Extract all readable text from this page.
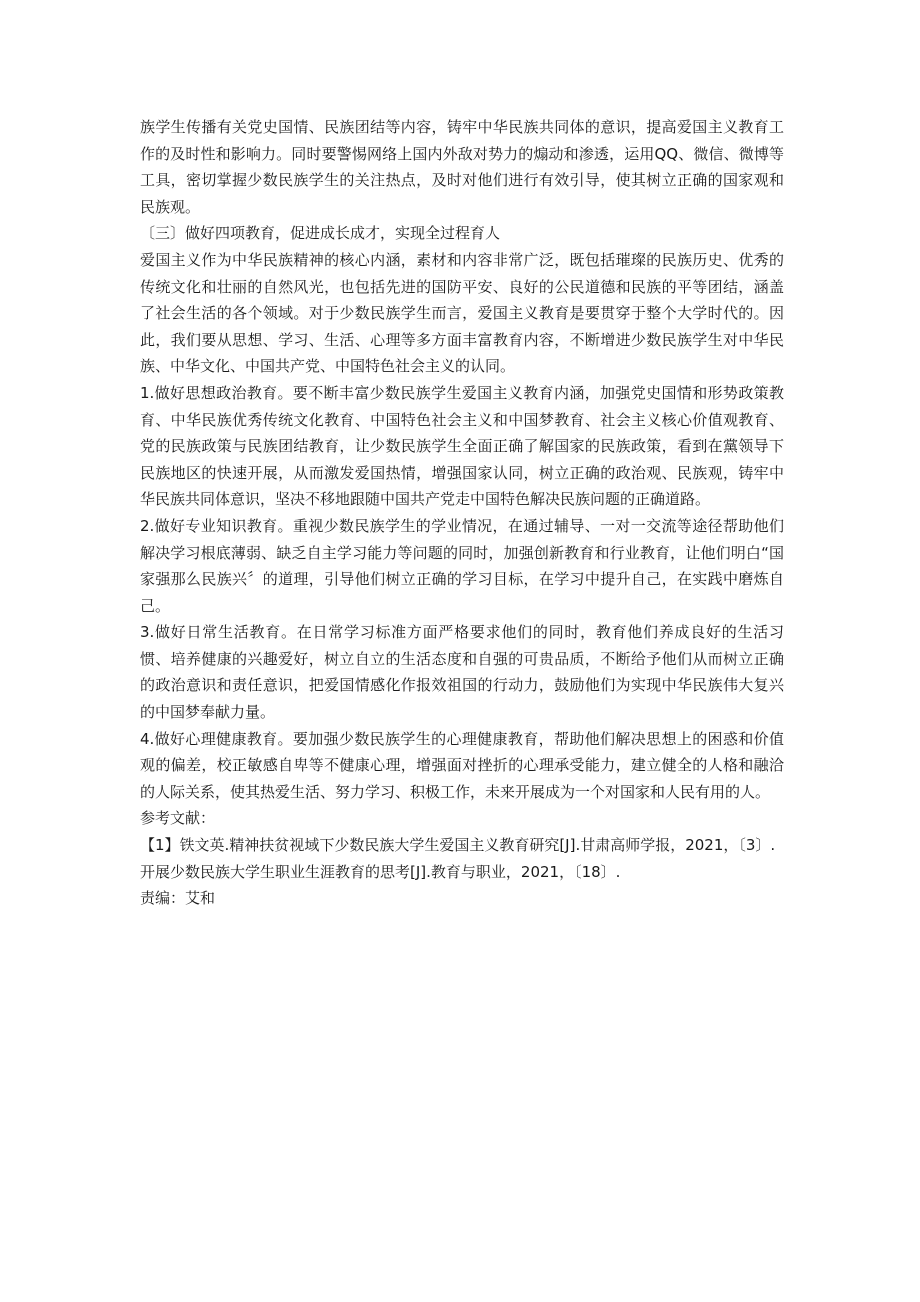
族学生传播有关党史国情、民族团结等内容，铸牢中华民族共同体的意识，提高爱国主义教育工作的及时性和影响力。同时要警惕网络上国内外敌对势力的煽动和渗透，运用QQ、微信、微博等工具，密切掌握少数民族学生的关注热点，及时对他们进行有效引导，使其树立正确的国家观和民族观。

〔三〕做好四项教育，促进成长成才，实现全过程育人

爱国主义作为中华民族精神的核心内涵，素材和内容非常广泛，既包括璀璨的民族历史、优秀的传统文化和壮丽的自然风光，也包括先进的国防平安、良好的公民道德和民族的平等团结，涵盖了社会生活的各个领域。对于少数民族学生而言，爱国主义教育是要贯穿于整个大学时代的。因此，我们要从思想、学习、生活、心理等多方面丰富教育内容，不断增进少数民族学生对中华民族、中华文化、中国共产党、中国特色社会主义的认同。

1.做好思想政治教育。要不断丰富少数民族学生爱国主义教育内涵，加强党史国情和形势政策教育、中华民族优秀传统文化教育、中国特色社会主义和中国梦教育、社会主义核心价值观教育、党的民族政策与民族团结教育，让少数民族学生全面正确了解国家的民族政策，看到在黨领导下民族地区的快速开展，从而激发爱国热情，增强国家认同，树立正确的政治观、民族观，铸牢中华民族共同体意识，坚决不移地跟随中国共产党走中国特色解决民族问题的正确道路。

2.做好专业知识教育。重视少数民族学生的学业情况，在通过辅导、一对一交流等途径帮助他们解决学习根底薄弱、缺乏自主学习能力等问题的同时，加强创新教育和行业教育，让他们明白“国家强那么民族兴〞的道理，引导他们树立正确的学习目标，在学习中提升自己，在实践中磨炼自己。

3.做好日常生活教育。在日常学习标准方面严格要求他们的同时，教育他们养成良好的生活习惯、培养健康的兴趣爱好，树立自立的生活态度和自强的可贵品质，不断给予他们从而树立正确的政治意识和责任意识，把爱国情感化作报效祖国的行动力，鼓励他们为实现中华民族伟大复兴的中国梦奉献力量。

4.做好心理健康教育。要加强少数民族学生的心理健康教育，帮助他们解决思想上的困惑和价值观的偏差，校正敏感自卑等不健康心理，增强面对挫折的心理承受能力，建立健全的人格和融洽的人际关系，使其热爱生活、努力学习、积极工作，未来开展成为一个对国家和人民有用的人。

参考文献：

【1】铁文英.精神扶贫视域下少数民族大学生爱国主义教育研究[J].甘肃高师学报，2021，〔3〕.

开展少数民族大学生职业生涯教育的思考[J].教育与职业，2021，〔18〕.

责编：艾和
